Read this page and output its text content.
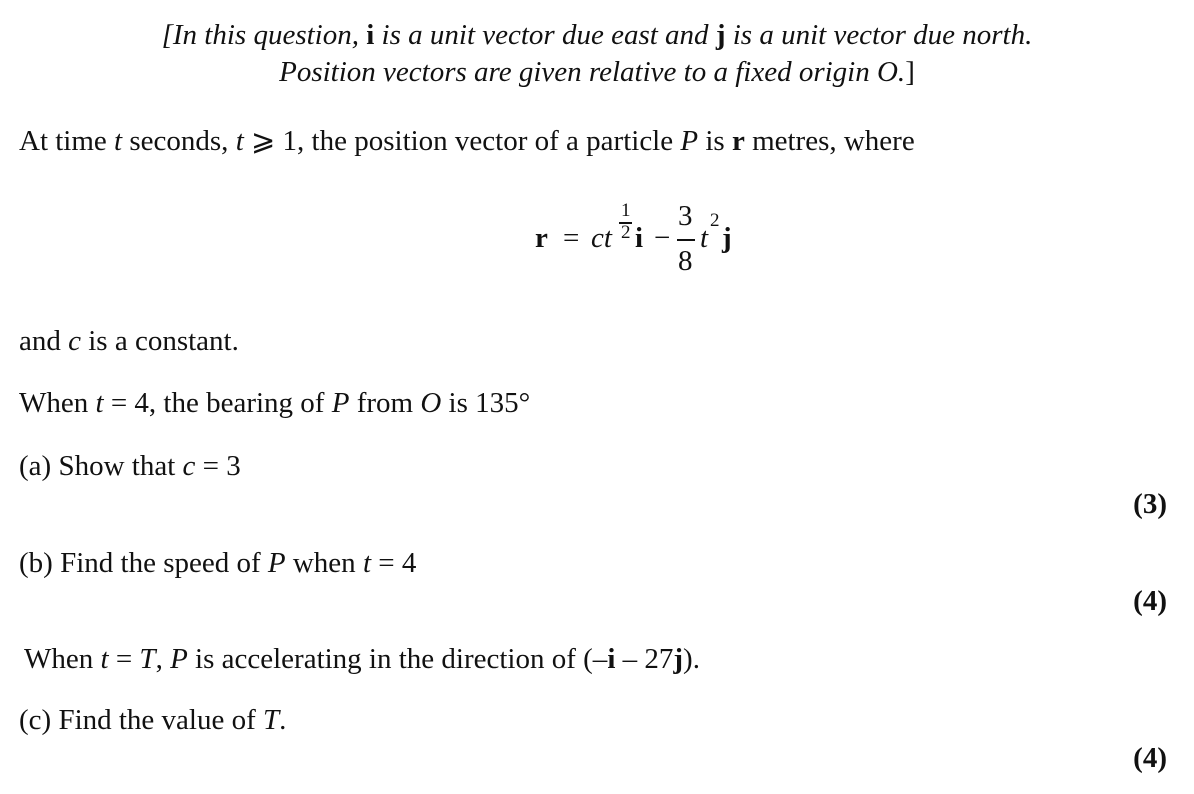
[In this question, i is a unit vector due east and j is a unit vector due north.
Position vectors are given relative to a fixed origin O.]
At time t seconds, t ⩾ 1, the position vector of a particle P is r metres, where
r = ct
1
2 i −
3
8
t
2
j
and c is a constant.
When t = 4, the bearing of P from O is 135°
(a) Show that c = 3
(3)
(b) Find the speed of P when t = 4
(4)
When t = T, P is accelerating in the direction of (–i – 27j).
(c) Find the value of T.
(4)
